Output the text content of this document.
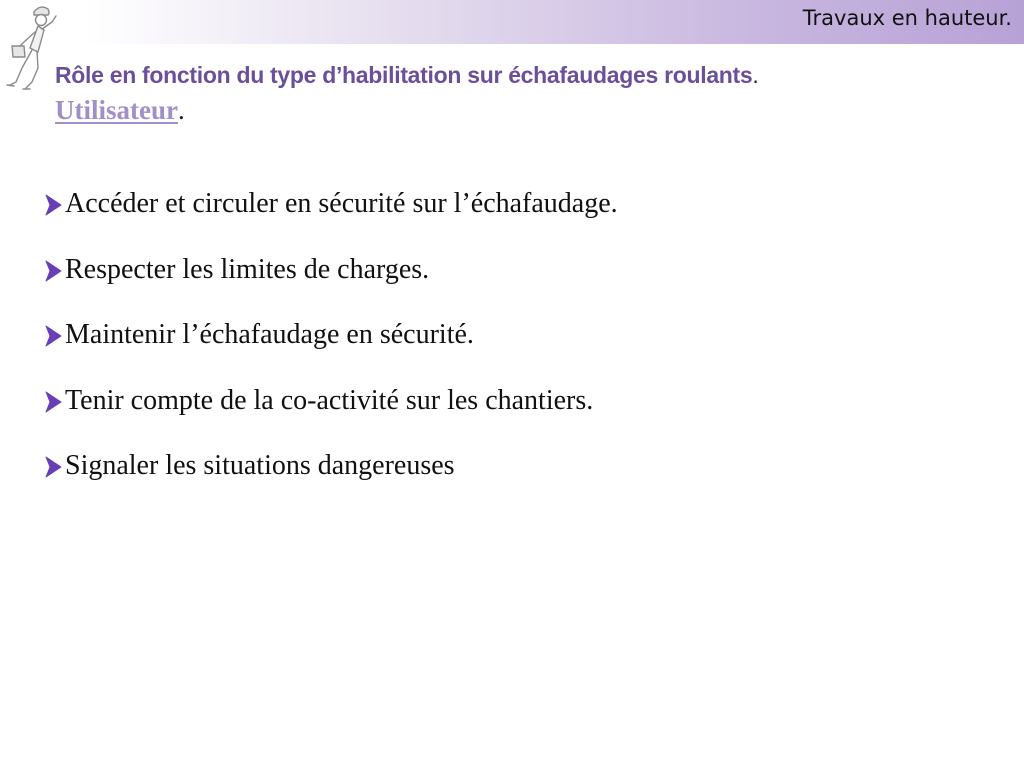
Travaux en hauteur.
Rôle en fonction du type d’habilitation sur échafaudages roulants.
Utilisateur.
Accéder et circuler en sécurité sur l’échafaudage.
Respecter les limites de charges.
Maintenir l’échafaudage en sécurité.
Tenir compte de la co-activité sur les chantiers.
Signaler les situations dangereuses
